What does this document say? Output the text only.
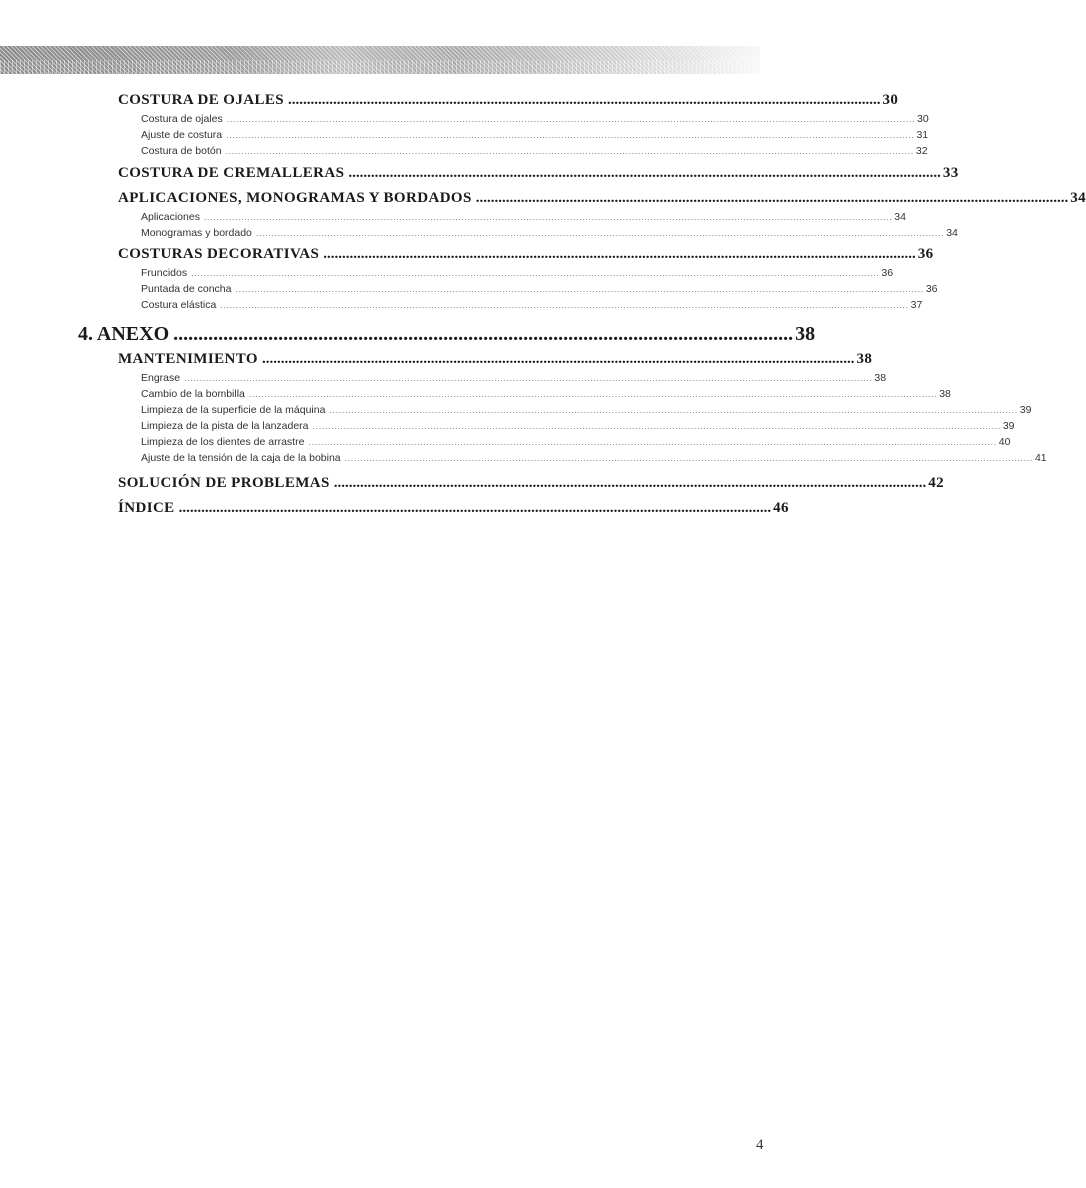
COSTURA DE OJALES .............................................................................................................................................................. 30
Costura de ojales .............................................................................................................................................................................................................................. 30
Ajuste de costura .............................................................................................................................................................................................................................. 31
Costura de botón .............................................................................................................................................................................................................................. 32
COSTURA DE CREMALLERAS .............................................................................................................................................................. 33
APLICACIONES, MONOGRAMAS Y BORDADOS .............................................................................................................................................................. 34
Aplicaciones .............................................................................................................................................................................................................................. 34
Monogramas y bordado .............................................................................................................................................................................................................................. 34
COSTURAS DECORATIVAS .............................................................................................................................................................. 36
Fruncidos .............................................................................................................................................................................................................................. 36
Puntada de concha .............................................................................................................................................................................................................................. 36
Costura elástica .............................................................................................................................................................................................................................. 37
4. ANEXO ............................................................................................................................ 38
MANTENIMIENTO .............................................................................................................................................................. 38
Engrase .............................................................................................................................................................................................................................. 38
Cambio de la bombilla .............................................................................................................................................................................................................................. 38
Limpieza de la superficie de la máquina .............................................................................................................................................................................................................................. 39
Limpieza de la pista de la lanzadera .............................................................................................................................................................................................................................. 39
Limpieza de los dientes de arrastre .............................................................................................................................................................................................................................. 40
Ajuste de la tensión de la caja de la bobina .............................................................................................................................................................................................................................. 41
SOLUCIÓN DE PROBLEMAS .............................................................................................................................................................. 42
ÍNDICE .............................................................................................................................................................. 46
4
